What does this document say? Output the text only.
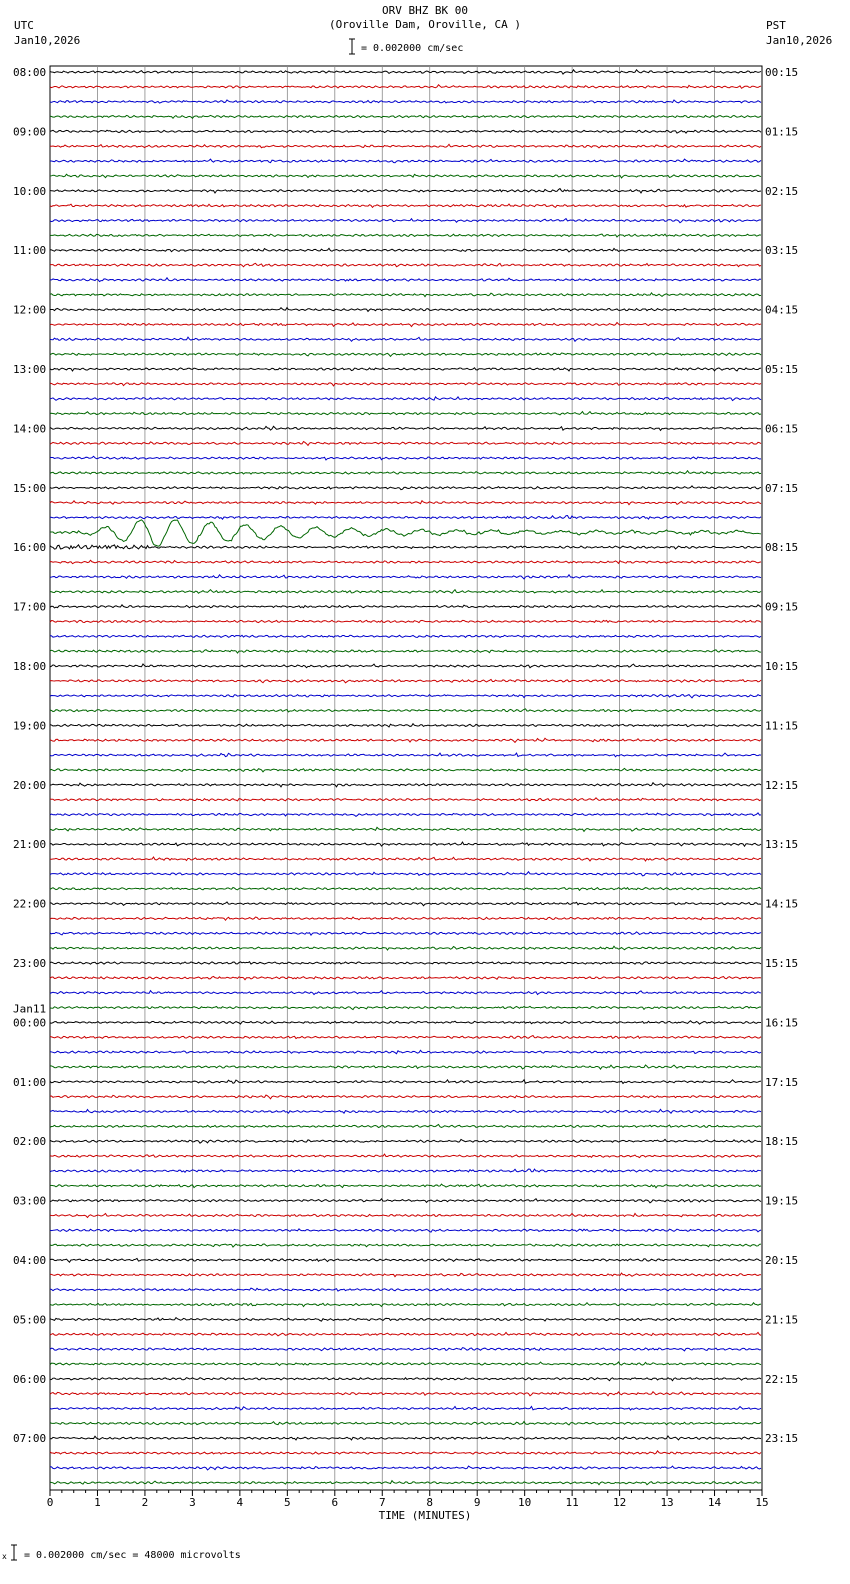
ORV BHZ BK 00
(Oroville Dam, Oroville, CA )
UTC
Jan10,2026
PST
Jan10,2026
= 0.002000 cm/sec
08:00
09:00
10:00
11:00
12:00
13:00
14:00
15:00
16:00
17:00
18:00
19:00
20:00
21:00
22:00
23:00
00:00
01:00
02:00
03:00
04:00
05:00
06:00
07:00
00:15
01:15
02:15
03:15
04:15
05:15
06:15
07:15
08:15
09:15
10:15
11:15
12:15
13:15
14:15
15:15
16:15
17:15
18:15
19:15
20:15
21:15
22:15
23:15
Jan11
0	1	2	3	4	5	6	7	8	9	10	11	12	13	14	15
TIME (MINUTES)
x = 0.002000 cm/sec = 48000 microvolts
